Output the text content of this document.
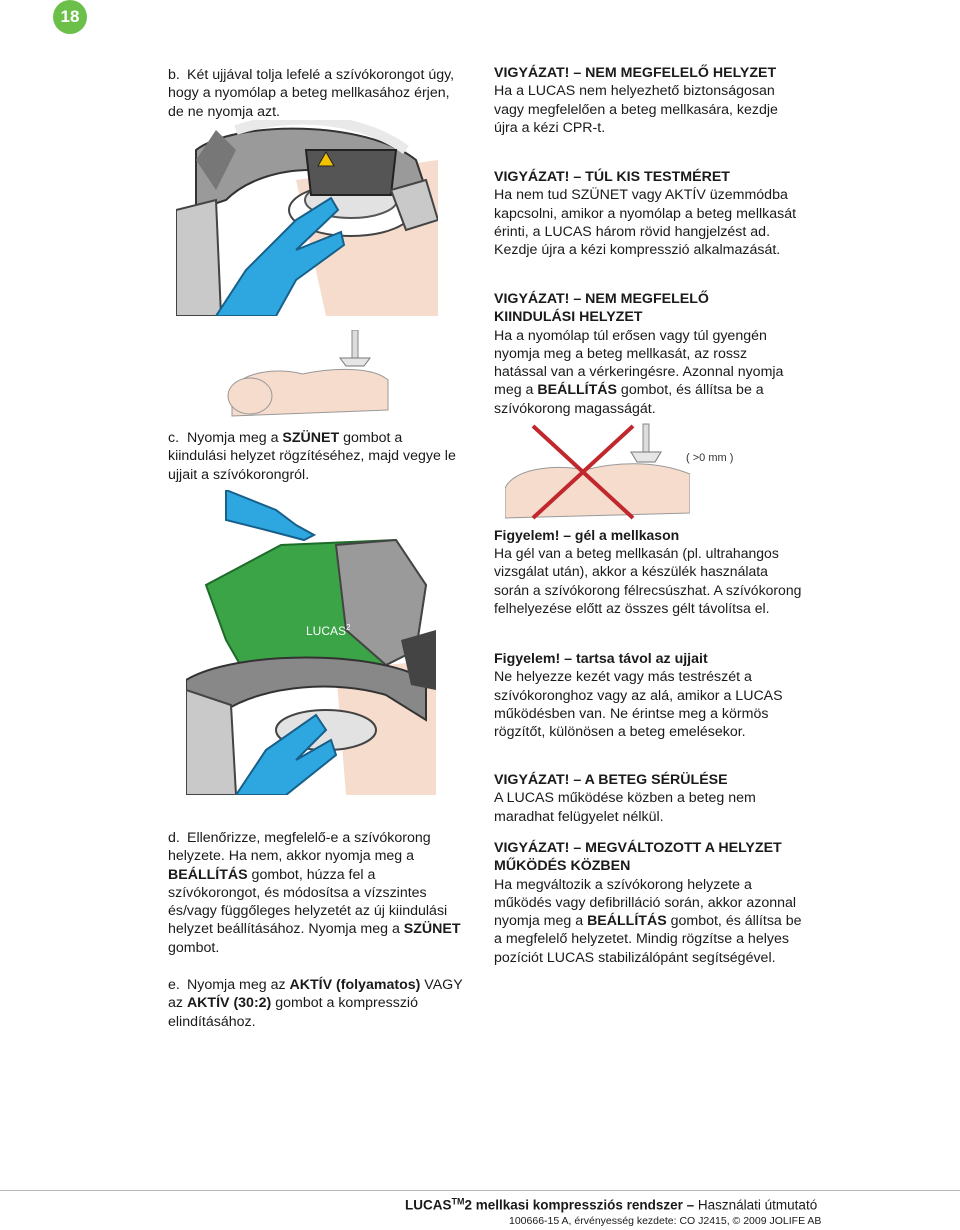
18
b. Két ujjával tolja lefelé a szívókorongot úgy, hogy a nyomólap a beteg mellkasához érjen, de ne nyomja azt.
c. Nyomja meg a SZÜNET gombot a kiindulási helyzet rögzítéséhez, majd vegye le ujjait a szívókorongról.
d. Ellenőrizze, megfelelő-e a szívókorong helyzete. Ha nem, akkor nyomja meg a BEÁLLÍTÁS gombot, húzza fel a szívókorongot, és módosítsa a vízszintes és/vagy függőleges helyzetét az új kiindulási helyzet beállításához. Nyomja meg a SZÜNET gombot.
e. Nyomja meg az AKTÍV (folyamatos) VAGY az AKTÍV (30:2) gombot a kompresszió elindításához.
LUCAS$^2$
VIGYÁZAT! – NEM MEGFELELŐ HELYZET
Ha a LUCAS nem helyezhető biztonságosan vagy megfelelően a beteg mellkasára, kezdje újra a kézi CPR-t.
VIGYÁZAT! – TÚL KIS TESTMÉRET
Ha nem tud SZÜNET vagy AKTÍV üzemmódba kapcsolni, amikor a nyomólap a beteg mellkasát érinti, a LUCAS három rövid hangjelzést ad. Kezdje újra a kézi kompresszió alkalmazását.
VIGYÁZAT! – NEM MEGFELELŐ KIINDULÁSI HELYZET
Ha a nyomólap túl erősen vagy túl gyengén nyomja meg a beteg mellkasát, az rossz hatással van a vérkeringésre. Azonnal nyomja meg a BEÁLLÍTÁS gombot, és állítsa be a szívókorong magasságát.
( >0 mm )
Figyelem! – gél a mellkason
Ha gél van a beteg mellkasán (pl. ultrahangos vizsgálat után), akkor a készülék használata során a szívókorong félrecsúszhat. A szívókorong felhelyezése előtt az összes gélt távolítsa el.
Figyelem! – tartsa távol az ujjait
Ne helyezze kezét vagy más testrészét a szívókoronghoz vagy az alá, amikor a LUCAS működésben van. Ne érintse meg a körmös rögzítőt, különösen a beteg emelésekor.
VIGYÁZAT! – A BETEG SÉRÜLÉSE
A LUCAS működése közben a beteg nem maradhat felügyelet nélkül.
VIGYÁZAT! – MEGVÁLTOZOTT A HELYZET MŰKÖDÉS KÖZBEN
Ha megváltozik a szívókorong helyzete a működés vagy defibrilláció során, akkor azonnal nyomja meg a BEÁLLÍTÁS gombot, és állítsa be a megfelelő helyzetet. Mindig rögzítse a helyes pozíciót LUCAS stabilizálópánt segítségével.
LUCAS™2 mellkasi kompressziós rendszer – Használati útmutató
100666-15 A, érvényesség kezdete: CO J2415, © 2009 JOLIFE AB
